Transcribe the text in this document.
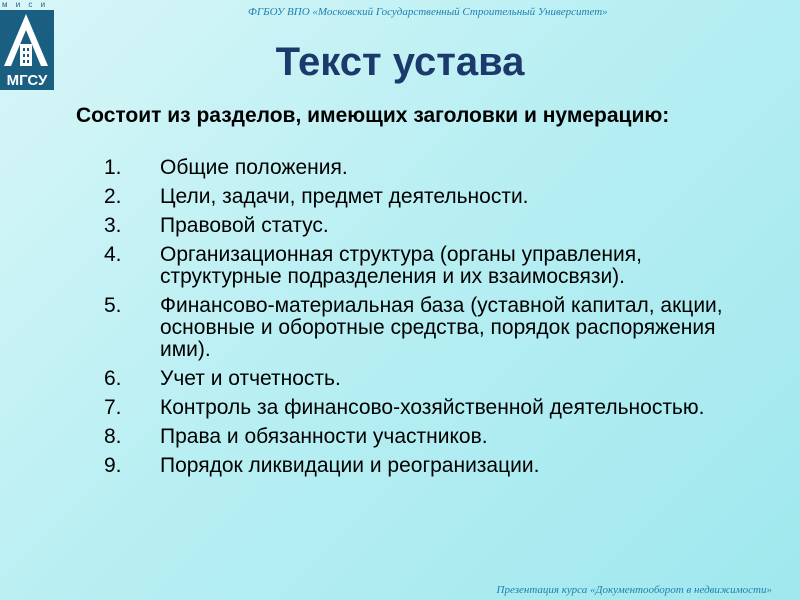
м и с и
МГСУ
ФГБОУ ВПО «Московский Государственный Строительный Университет»
Текст устава
Состоит из разделов, имеющих заголовки и нумерацию:
1. Общие положения.
2. Цели, задачи, предмет деятельности.
3. Правовой статус.
4. Организационная структура (органы управления, структурные подразделения и их взаимосвязи).
5. Финансово-материальная база (уставной капитал, акции, основные и оборотные средства, порядок распоряжения ими).
6. Учет и отчетность.
7. Контроль за финансово-хозяйственной деятельностью.
8. Права и обязанности участников.
9. Порядок ликвидации и реогранизации.
Презентация курса «Документооборот в недвижимости»
